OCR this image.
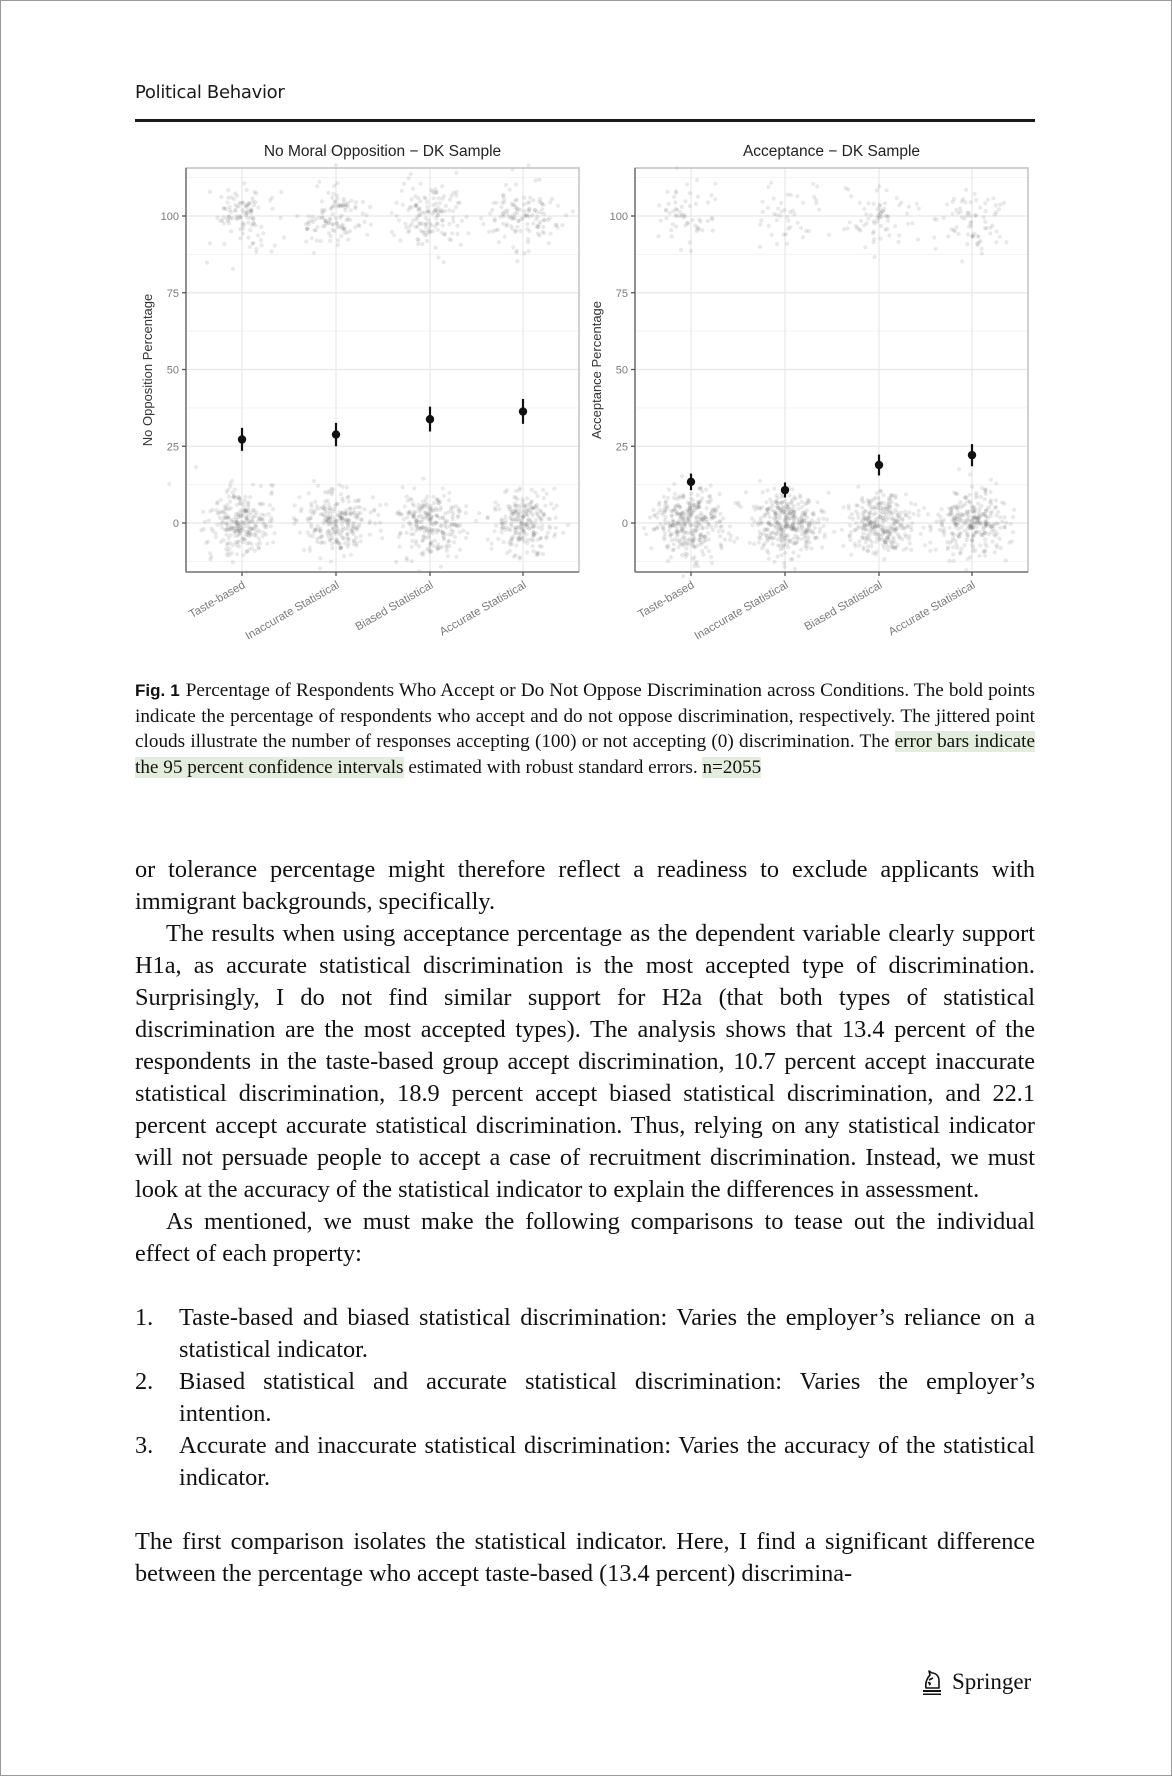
Political Behavior
0
25
50
75
100
Taste-based
Inaccurate Statistical Biased Statistical Accurate Statistical
No Moral Opposition − DK Sample
No Opposition Percentage
0
25
50
75
100
Taste-based
Inaccurate Statistical Biased Statistical Accurate Statistical
Acceptance − DK Sample
Acceptance Percentage
Fig. 1 Percentage of Respondents Who Accept or Do Not Oppose Discrimination across Conditions. The bold points indicate the percentage of respondents who accept and do not oppose discrimination, respectively. The jittered point clouds illustrate the number of responses accepting (100) or not accepting (0) discrimination. The error bars indicate the 95 percent confidence intervals estimated with robust standard errors. n=2055

or tolerance percentage might therefore reflect a readiness to exclude applicants with immigrant backgrounds, specifically.

The results when using acceptance percentage as the dependent variable clearly support H1a, as accurate statistical discrimination is the most accepted type of discrimination. Surprisingly, I do not find similar support for H2a (that both types of statistical discrimination are the most accepted types). The analysis shows that 13.4 percent of the respondents in the taste-based group accept discrimination, 10.7 percent accept inaccurate statistical discrimination, 18.9 percent accept biased statistical discrimination, and 22.1 percent accept accurate statistical discrimination. Thus, relying on any statistical indicator will not persuade people to accept a case of recruitment discrimination. Instead, we must look at the accuracy of the statistical indicator to explain the differences in assessment.

As mentioned, we must make the following comparisons to tease out the individual effect of each property:

1. Taste-based and biased statistical discrimination: Varies the employer’s reliance on a statistical indicator.
2. Biased statistical and accurate statistical discrimination: Varies the employer’s intention.
3. Accurate and inaccurate statistical discrimination: Varies the accuracy of the statistical indicator.

The first comparison isolates the statistical indicator. Here, I find a significant difference between the percentage who accept taste-based (13.4 percent) discrimina-

Springer
